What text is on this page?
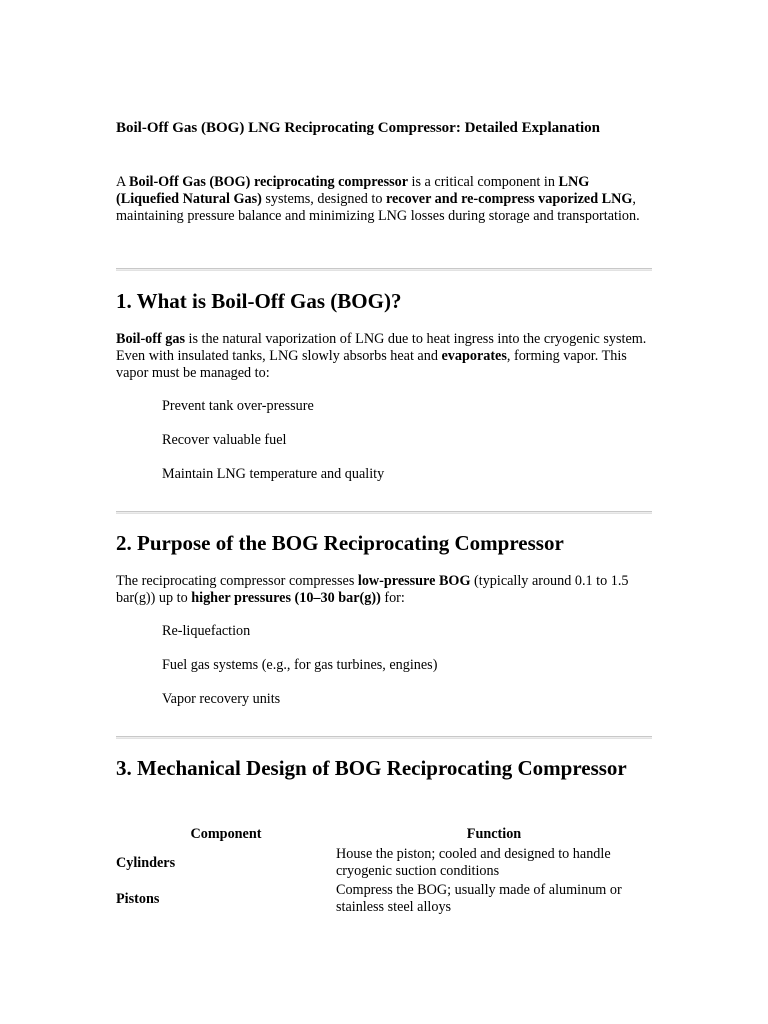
Boil-Off Gas (BOG) LNG Reciprocating Compressor: Detailed Explanation

A Boil-Off Gas (BOG) reciprocating compressor is a critical component in LNG (Liquefied Natural Gas) systems, designed to recover and re-compress vaporized LNG, maintaining pressure balance and minimizing LNG losses during storage and transportation.

1. What is Boil-Off Gas (BOG)?

Boil-off gas is the natural vaporization of LNG due to heat ingress into the cryogenic system. Even with insulated tanks, LNG slowly absorbs heat and evaporates, forming vapor. This vapor must be managed to:

Prevent tank over-pressure
Recover valuable fuel
Maintain LNG temperature and quality
2. Purpose of the BOG Reciprocating Compressor

The reciprocating compressor compresses low-pressure BOG (typically around 0.1 to 1.5 bar(g)) up to higher pressures (10–30 bar(g)) for:

Re-liquefaction
Fuel gas systems (e.g., for gas turbines, engines)
Vapor recovery units
3. Mechanical Design of BOG Reciprocating Compressor
Component	Function
Cylinders	House the piston; cooled and designed to handle cryogenic suction conditions
Pistons	Compress the BOG; usually made of aluminum or stainless steel alloys
